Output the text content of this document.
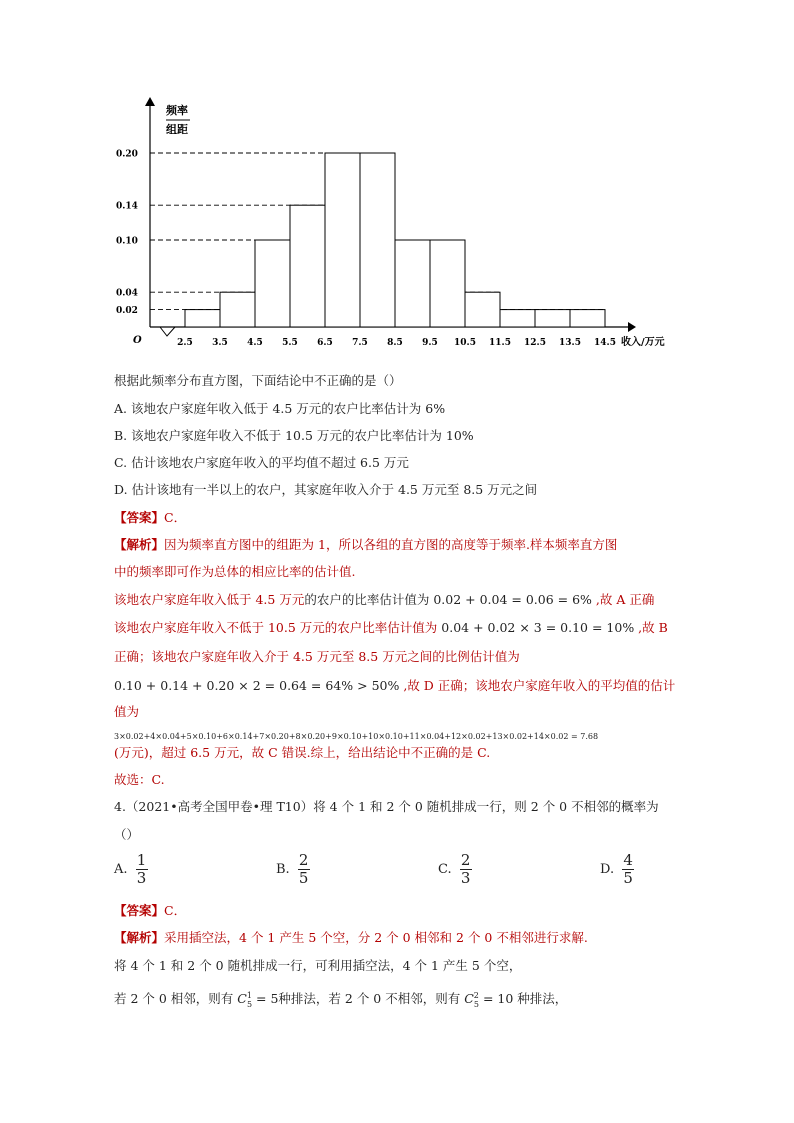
频率
组距
O	收入/万元
0.20
0.14
0.10
0.04
0.02
2.5 3.5 4.5 5.5 6.5 7.5 8.5 9.5 10.5 11.5 12.5 13.5 14.5
根据此频率分布直方图，下面结论中不正确的是（）
A. 该地农户家庭年收入低于 4.5 万元的农户比率估计为 6%
B. 该地农户家庭年收入不低于 10.5 万元的农户比率估计为 10%
C. 估计该地农户家庭年收入的平均值不超过 6.5 万元
D. 估计该地有一半以上的农户，其家庭年收入介于 4.5 万元至 8.5 万元之间
【答案】C．
【解析】因为频率直方图中的组距为 1，所以各组的直方图的高度等于频率.样本频率直方图
中的频率即可作为总体的相应比率的估计值.
该地农户家庭年收入低于 4.5 万元的农户的比率估计值为 0.02 + 0.04 = 0.06 = 6% ,故 A 正确
该地农户家庭年收入不低于 10.5 万元的农户比率估计值为 0.04 + 0.02 × 3 = 0.10 = 10% ,故 B
正确；该地农户家庭年收入介于 4.5 万元至 8.5 万元之间的比例估计值为
0.10 + 0.14 + 0.20 × 2 = 0.64 = 64% > 50% ,故 D 正确；该地农户家庭年收入的平均值的估计
值为
3×0.02+4×0.04+5×0.10+6×0.14+7×0.20+8×0.20+9×0.10+10×0.10+11×0.04+12×0.02+13×0.02+14×0.02 = 7.68
(万元)，超过 6.5 万元，故 C 错误.综上，给出结论中不正确的是 C.
故选：C.
4.（2021•高考全国甲卷•理 T10）将 4 个 1 和 2 个 0 随机排成一行，则 2 个 0 不相邻的概率为
（）
A. $\frac{1}{3}$	B. $\frac{2}{5}$	C. $\frac{2}{3}$	D. $\frac{4}{5}$
【答案】C．
【解析】采用插空法，4 个 1 产生 5 个空，分 2 个 0 相邻和 2 个 0 不相邻进行求解.
将 4 个 1 和 2 个 0 随机排成一行，可利用插空法，4 个 1 产生 5 个空，
若 2 个 0 相邻，则有 $C^1_5 = 5$种排法，若 2 个 0 不相邻，则有 $C^2_5 = 10$ 种排法，
